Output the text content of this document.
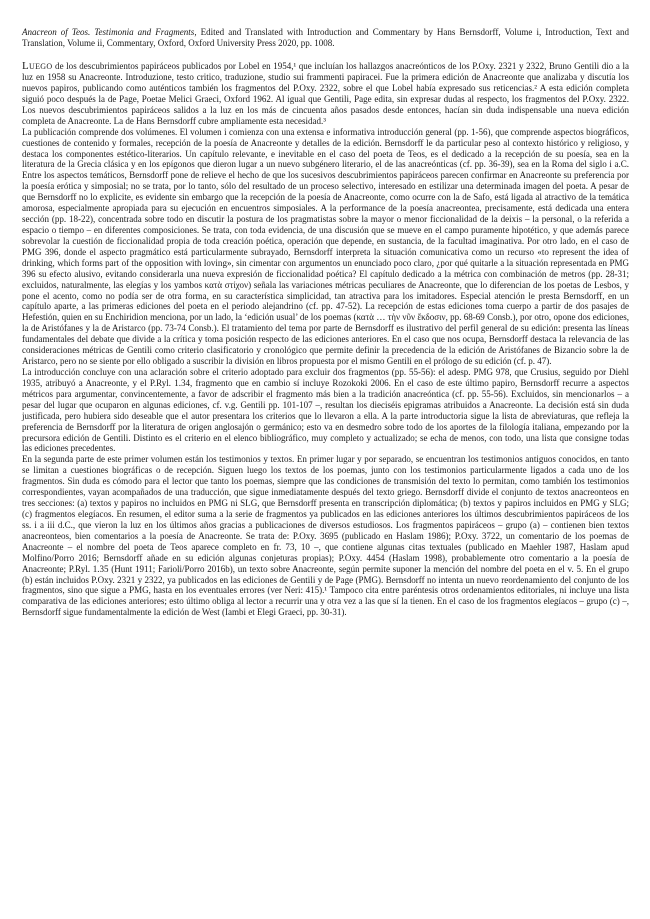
Anacreon of Teos. Testimonia and Fragments, Edited and Translated with Introduction and Commentary by Hans Bernsdorff, Volume i, Introduction, Text and Translation, Volume ii, Commentary, Oxford, Oxford University Press 2020, pp. 1008.

Luego de los descubrimientos papiráceos publicados por Lobel en 1954,¹ que incluían los hallazgos anacreónticos de los P.Oxy. 2321 y 2322, Bruno Gentili dio a la luz en 1958 su Anacreonte. Introduzione, testo critico, traduzione, studio sui frammenti papiracei. Fue la primera edición de Anacreonte que analizaba y discutía los nuevos papiros, publicando como auténticos también los fragmentos del P.Oxy. 2322, sobre el que Lobel había expresado sus reticencias.² A esta edición completa siguió poco después la de Page, Poetae Melici Graeci, Oxford 1962. Al igual que Gentili, Page edita, sin expresar dudas al respecto, los fragmentos del P.Oxy. 2322. Los nuevos descubrimientos papiráceos salidos a la luz en los más de cincuenta años pasados desde entonces, hacían sin duda indispensable una nueva edición completa de Anacreonte. La de Hans Bernsdorff cubre ampliamente esta necesidad.³

La publicación comprende dos volúmenes. El volumen i comienza con una extensa e informativa introducción general (pp. 1-56), que comprende aspectos biográficos, cuestiones de contenido y formales, recepción de la poesía de Anacreonte y detalles de la edición. Bernsdorff le da particular peso al contexto histórico y religioso, y destaca los componentes estético-literarios. Un capítulo relevante, e inevitable en el caso del poeta de Teos, es el dedicado a la recepción de su poesía, sea en la literatura de la Grecia clásica y en los epígonos que dieron lugar a un nuevo subgénero literario, el de las anacreónticas (cf. pp. 36-39), sea en la Roma del siglo i a.C. Entre los aspectos temáticos, Bernsdorff pone de relieve el hecho de que los sucesivos descubrimientos papiráceos parecen confirmar en Anacreonte su preferencia por la poesía erótica y simposial; no se trata, por lo tanto, sólo del resultado de un proceso selectivo, interesado en estilizar una determinada imagen del poeta. A pesar de que Bernsdorff no lo explicite, es evidente sin embargo que la recepción de la poesía de Anacreonte, como ocurre con la de Safo, está ligada al atractivo de la temática amorosa, especialmente apropiada para su ejecución en encuentros simposiales. A la performance de la poesía anacreontea, precisamente, está dedicada una entera sección (pp. 18-22), concentrada sobre todo en discutir la postura de los pragmatistas sobre la mayor o menor ficcionalidad de la deixis – la personal, o la referida a espacio o tiempo – en diferentes composiciones. Se trata, con toda evidencia, de una discusión que se mueve en el campo puramente hipotético, y que además parece sobrevolar la cuestión de ficcionalidad propia de toda creación poética, operación que depende, en sustancia, de la facultad imaginativa. Por otro lado, en el caso de PMG 396, donde el aspecto pragmático está particularmente subrayado, Bernsdorff interpreta la situación comunicativa como un recurso «to represent the idea of drinking, which forms part of the opposition with loving», sin cimentar con argumentos un enunciado poco claro, ¿por qué quitarle a la situación representada en PMG 396 su efecto alusivo, evitando considerarla una nueva expresión de ficcionalidad poética? El capítulo dedicado a la métrica con combinación de metros (pp. 28-31; excluidos, naturalmente, las elegías y los yambos κατὰ στίχον) señala las variaciones métricas peculiares de Anacreonte, que lo diferencian de los poetas de Lesbos, y pone el acento, como no podía ser de otra forma, en su característica simplicidad, tan atractiva para los imitadores. Especial atención le presta Bernsdorff, en un capítulo aparte, a las primeras ediciones del poeta en el periodo alejandrino (cf. pp. 47-52). La recepción de estas ediciones toma cuerpo a partir de dos pasajes de Hefestión, quien en su Enchiridion menciona, por un lado, la ‘edición usual’ de los poemas (κατὰ … τὴν νῦν ἔκδοσιν, pp. 68-69 Consb.), por otro, opone dos ediciones, la de Aristófanes y la de Aristarco (pp. 73-74 Consb.). El tratamiento del tema por parte de Bernsdorff es ilustrativo del perfil general de su edición: presenta las líneas fundamentales del debate que divide a la crítica y toma posición respecto de las ediciones anteriores. En el caso que nos ocupa, Bernsdorff destaca la relevancia de las consideraciones métricas de Gentili como criterio clasificatorio y cronológico que permite definir la precedencia de la edición de Aristófanes de Bizancio sobre la de Aristarco, pero no se siente por ello obligado a suscribir la división en libros propuesta por el mismo Gentili en el prólogo de su edición (cf. p. 47).

La introducción concluye con una aclaración sobre el criterio adoptado para excluir dos fragmentos (pp. 55-56): el adesp. PMG 978, que Crusius, seguido por Diehl 1935, atribuyó a Anacreonte, y el P.Ryl. 1.34, fragmento que en cambio sí incluye Rozokoki 2006. En el caso de este último papiro, Bernsdorff recurre a aspectos métricos para argumentar, convincentemente, a favor de adscribir el fragmento más bien a la tradición anacreóntica (cf. pp. 55-56). Excluidos, sin mencionarlos – a pesar del lugar que ocuparon en algunas ediciones, cf. v.g. Gentili pp. 101-107 –, resultan los dieciséis epigramas atribuidos a Anacreonte. La decisión está sin duda justificada, pero hubiera sido deseable que el autor presentara los criterios que lo llevaron a ella. A la parte introductoria sigue la lista de abreviaturas, que refleja la preferencia de Bernsdorff por la literatura de origen anglosajón o germánico; esto va en desmedro sobre todo de los aportes de la filología italiana, empezando por la precursora edición de Gentili. Distinto es el criterio en el elenco bibliográfico, muy completo y actualizado; se echa de menos, con todo, una lista que consigne todas las ediciones precedentes.

En la segunda parte de este primer volumen están los testimonios y textos. En primer lugar y por separado, se encuentran los testimonios antiguos conocidos, en tanto se limitan a cuestiones biográficas o de recepción. Siguen luego los textos de los poemas, junto con los testimonios particularmente ligados a cada uno de los fragmentos. Sin duda es cómodo para el lector que tanto los poemas, siempre que las condiciones de transmisión del texto lo permitan, como también los testimonios correspondientes, vayan acompañados de una traducción, que sigue inmediatamente después del texto griego. Bernsdorff divide el conjunto de textos anacreonteos en tres secciones: (a) textos y papiros no incluidos en PMG ni SLG, que Bernsdorff presenta en transcripción diplomática; (b) textos y papiros incluidos en PMG y SLG; (c) fragmentos elegíacos. En resumen, el editor suma a la serie de fragmentos ya publicados en las ediciones anteriores los últimos descubrimientos papiráceos de los ss. i a iii d.C., que vieron la luz en los últimos años gracias a publicaciones de diversos estudiosos. Los fragmentos papiráceos – grupo (a) – contienen bien textos anacreonteos, bien comentarios a la poesía de Anacreonte. Se trata de: P.Oxy. 3695 (publicado en Haslam 1986); P.Oxy. 3722, un comentario de los poemas de Anacreonte – el nombre del poeta de Teos aparece completo en fr. 73, 10 –, que contiene algunas citas textuales (publicado en Maehler 1987, Haslam apud Molfino/Porro 2016; Bernsdorff añade en su edición algunas conjeturas propias); P.Oxy. 4454 (Haslam 1998), probablemente otro comentario a la poesía de Anacreonte; P.Ryl. 1.35 (Hunt 1911; Farioli/Porro 2016b), un texto sobre Anacreonte, según permite suponer la mención del nombre del poeta en el v. 5. En el grupo (b) están incluidos P.Oxy. 2321 y 2322, ya publicados en las ediciones de Gentili y de Page (PMG). Bernsdorff no intenta un nuevo reordenamiento del conjunto de los fragmentos, sino que sigue a PMG, hasta en los eventuales errores (ver Neri: 415).¹ Tampoco cita entre paréntesis otros ordenamientos editoriales, ni incluye una lista comparativa de las ediciones anteriores; esto último obliga al lector a recurrir una y otra vez a las que sí la tienen. En el caso de los fragmentos elegíacos – grupo (c) –, Bernsdorff sigue fundamentalmente la edición de West (Iambi et Elegi Graeci, pp. 30-31).
